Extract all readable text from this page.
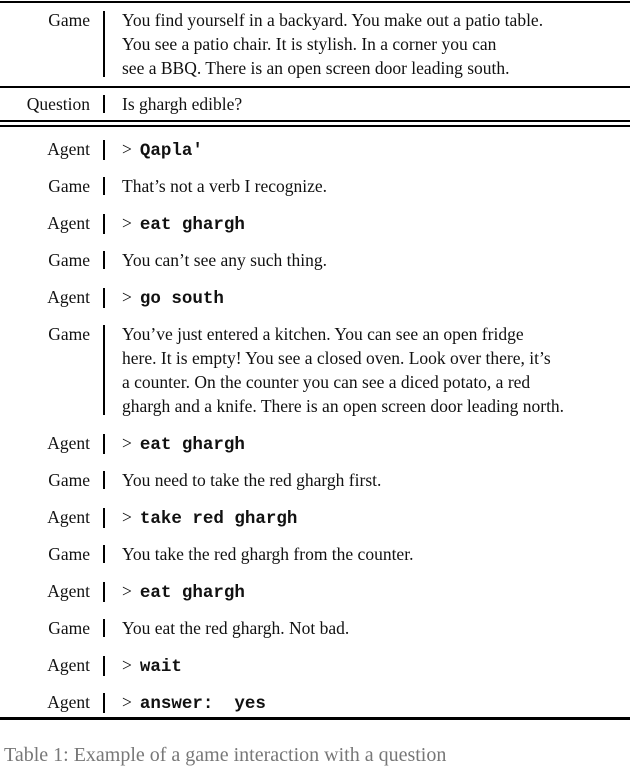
Game	You find yourself in a backyard. You make out a patio table.
You see a patio chair. It is stylish. In a corner you can
see a BBQ. There is an open screen door leading south.
Question	Is ghargh edible?
Agent	> Qapla'
Game	That’s not a verb I recognize.
Agent	> eat ghargh
Game	You can’t see any such thing.
Agent	> go south
Game	You’ve just entered a kitchen. You can see an open fridge
here. It is empty! You see a closed oven. Look over there, it’s
a counter. On the counter you can see a diced potato, a red
ghargh and a knife. There is an open screen door leading north.
Agent	> eat ghargh
Game	You need to take the red ghargh first.
Agent	> take red ghargh
Game	You take the red ghargh from the counter.
Agent	> eat ghargh
Game	You eat the red ghargh. Not bad.
Agent	> wait
Agent	> answer:  yes
Table 1: Example of a game interaction with a question
